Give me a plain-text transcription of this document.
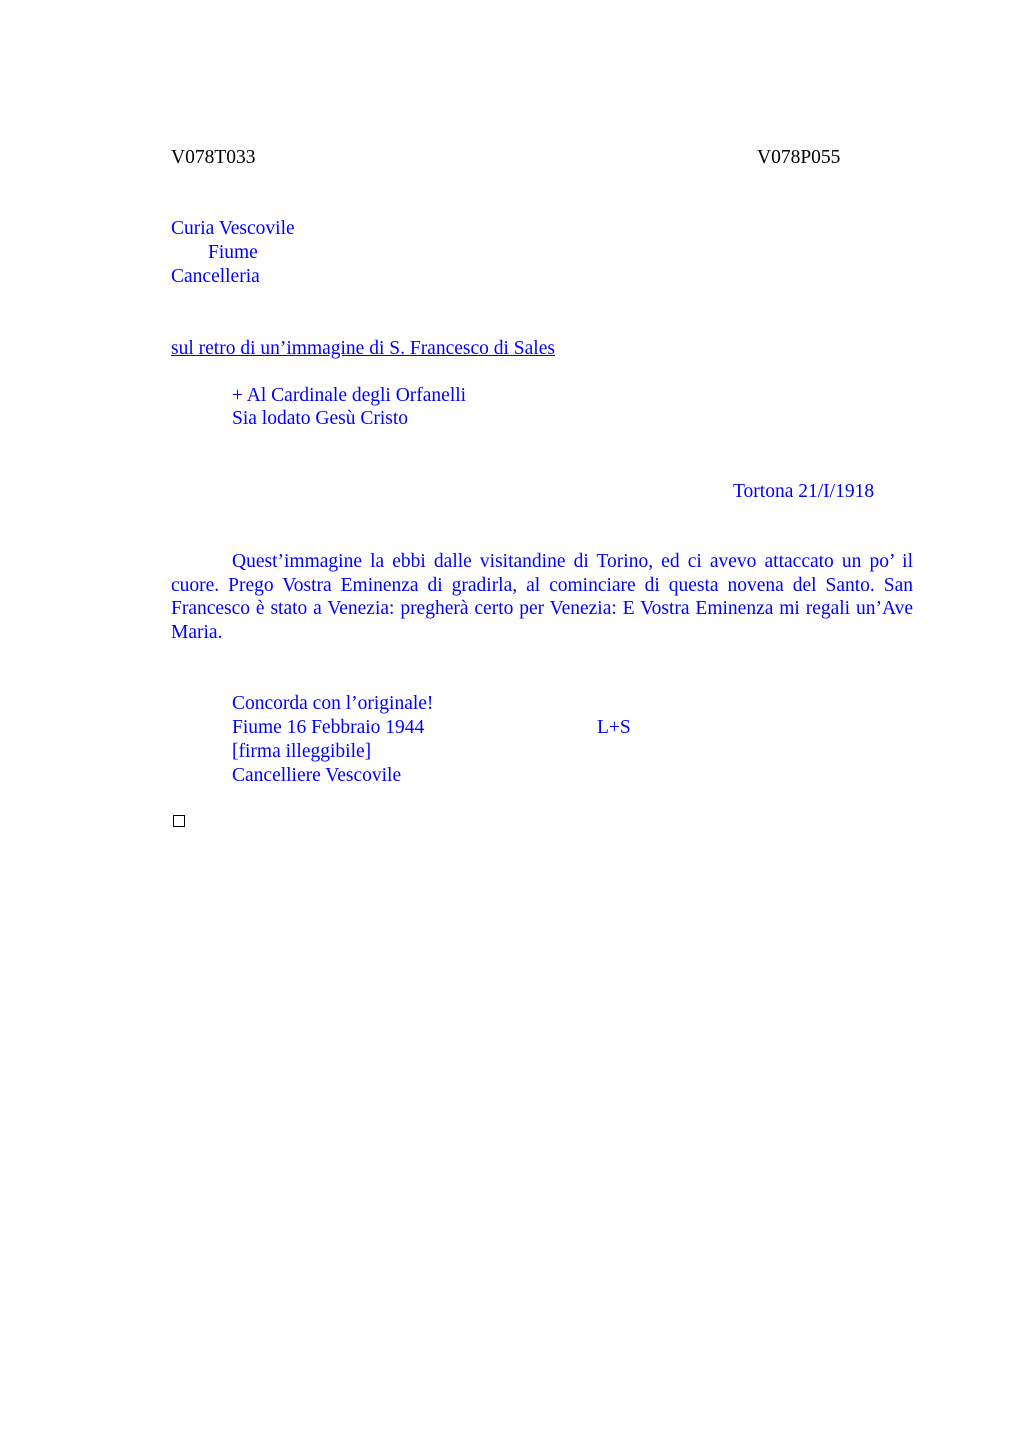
V078T033	V078P055
Curia Vescovile
Fiume
Cancelleria
sul retro di un’immagine di S. Francesco di Sales
+ Al Cardinale degli Orfanelli
Sia lodato Gesù Cristo
Tortona 21/I/1918
Quest’immagine la ebbi dalle visitandine di Torino, ed ci avevo attaccato un po’ il cuore. Prego Vostra Eminenza di gradirla, al cominciare di questa novena del Santo. San Francesco è stato a Venezia: pregherà certo per Venezia: E Vostra Eminenza mi regali un’Ave Maria.
Concorda con l’originale!
Fiume 16 Febbraio 1944	L+S
[firma illeggibile]
Cancelliere Vescovile
